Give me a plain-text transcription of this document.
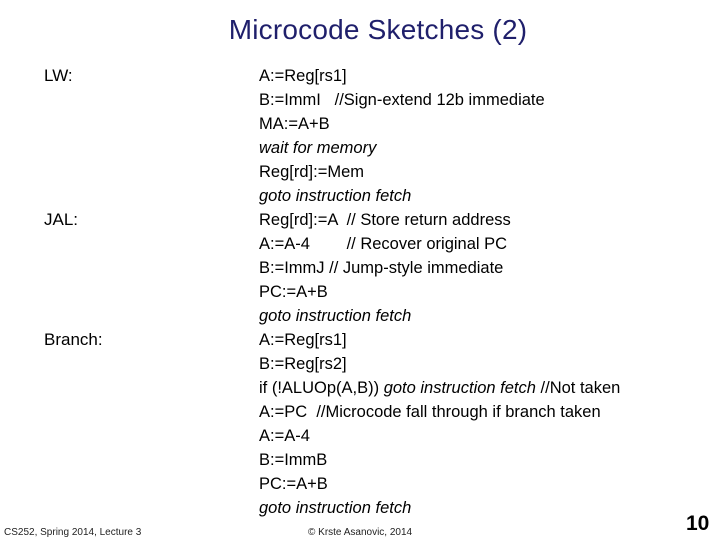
Microcode Sketches (2)
LW:
JAL:
Branch:
A:=Reg[rs1]
B:=ImmI   //Sign-extend 12b immediate
MA:=A+B
wait for memory
Reg[rd]:=Mem
goto instruction fetch
Reg[rd]:=A  // Store return address
A:=A-4        // Recover original PC
B:=ImmJ // Jump-style immediate
PC:=A+B
goto instruction fetch
A:=Reg[rs1]
B:=Reg[rs2]
if (!ALUOp(A,B)) goto instruction fetch //Not taken
A:=PC  //Microcode fall through if branch taken
A:=A-4
B:=ImmB
PC:=A+B
goto instruction fetch
CS252, Spring 2014, Lecture 3	© Krste Asanovic, 2014	10
